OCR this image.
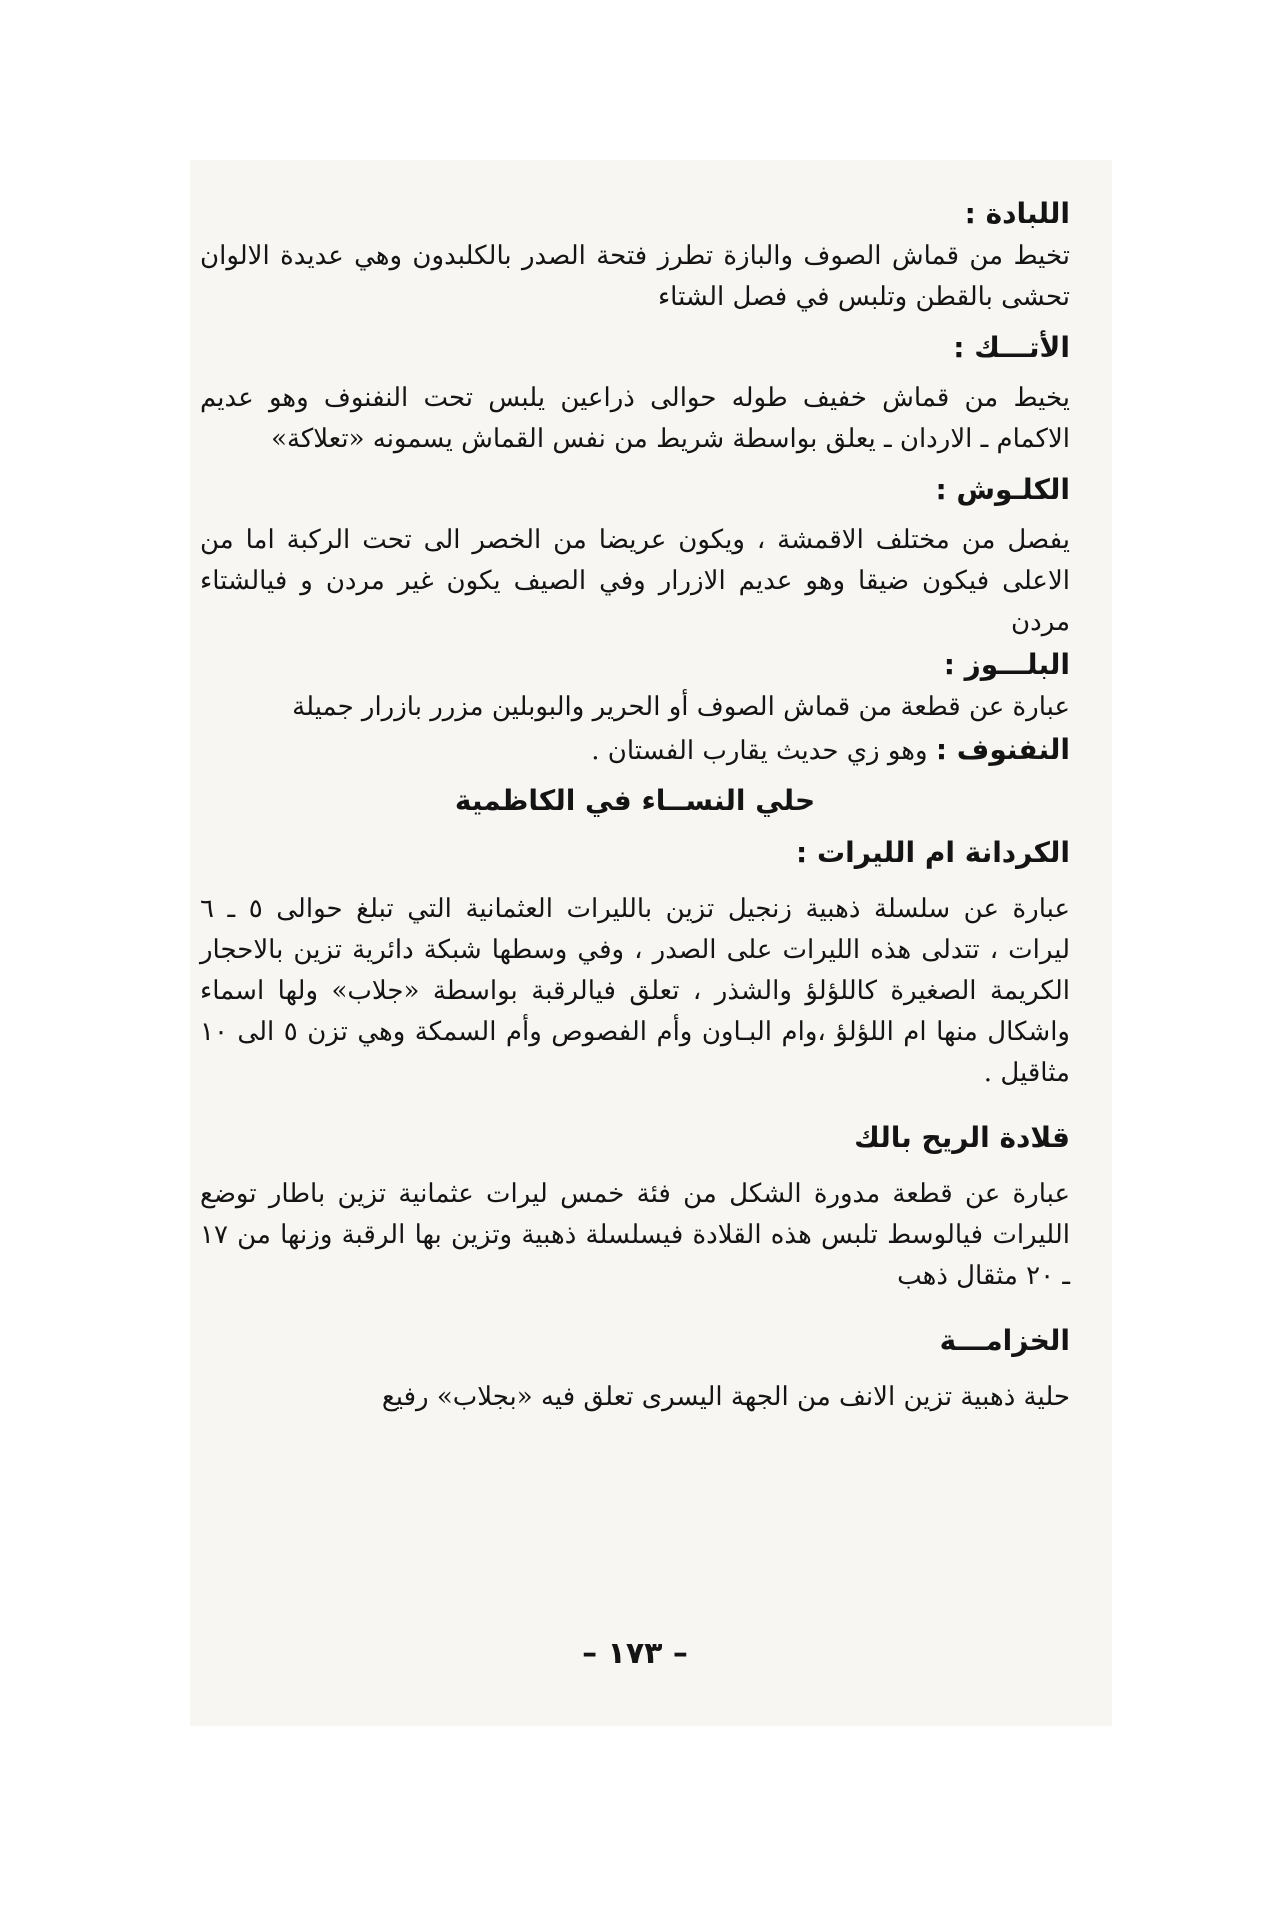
اللبادة :

تخيط من قماش الصوف والبازة تطرز فتحة الصدر بالكلبدون وهي عديدة الالوان تحشى بالقطن وتلبس في فصل الشتاء

الأتـــك :

يخيط من قماش خفيف طوله حوالى ذراعين يلبس تحت النفنوف وهو عديم الاكمام ـ الاردان ـ يعلق بواسطة شريط من نفس القماش يسمونه «تعلاكة»

الكلـوش :

يفصل من مختلف الاقمشة ، ويكون عريضا من الخصر الى تحت الركبة اما من الاعلى فيكون ضيقا وهو عديم الازرار وفي الصيف يكون غير مردن و فيالشتاء مردن

البلـــوز :

عبارة عن قطعة من قماش الصوف أو الحرير والبوبلين مزرر بازرار جميلة

النفنوف : وهو زي حديث يقارب الفستان .

حلي النســاء في الكاظمية
الكردانة ام الليرات :

عبارة عن سلسلة ذهبية زنجيل تزين بالليرات العثمانية التي تبلغ حوالى ٥ ـ ٦ ليرات ، تتدلى هذه الليرات على الصدر ، وفي وسطها شبكة دائرية تزين بالاحجار الكريمة الصغيرة كاللؤلؤ والشذر ، تعلق فيالرقبة بواسطة «جلاب» ولها اسماء واشكال منها ام اللؤلؤ ،وام البـاون وأم الفصوص وأم السمكة وهي تزن ٥ الى ١٠ مثاقيل .

قلادة الريح بالك

عبارة عن قطعة مدورة الشكل من فئة خمس ليرات عثمانية تزين باطار توضع الليرات فيالوسط تلبس هذه القلادة فيسلسلة ذهبية وتزين بها الرقبة وزنها من ١٧ ـ ٢٠ مثقال ذهب

الخزامـــة

حلية ذهبية تزين الانف من الجهة اليسرى تعلق فيه «بجلاب» رفيع

– ١٧٣ –
